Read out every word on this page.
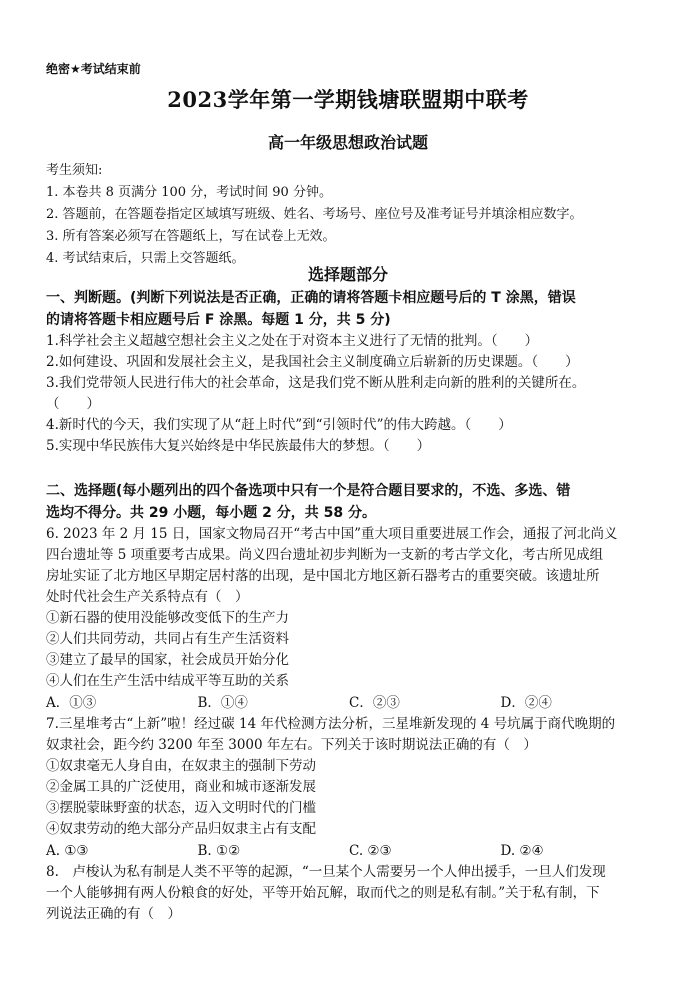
绝密★考试结束前
2023学年第一学期钱塘联盟期中联考
高一年级思想政治试题
考生须知:
1. 本卷共 8 页满分 100 分，考试时间 90 分钟。
2. 答题前，在答题卷指定区域填写班级、姓名、考场号、座位号及准考证号并填涂相应数字。
3. 所有答案必须写在答题纸上，写在试卷上无效。
4. 考试结束后，只需上交答题纸。
选择题部分
一、判断题。(判断下列说法是否正确，正确的请将答题卡相应题号后的 T 涂黑，错误
的请将答题卡相应题号后 F 涂黑。每题 1 分，共 5 分)
1.科学社会主义超越空想社会主义之处在于对资本主义进行了无情的批判。（　　）
2.如何建设、巩固和发展社会主义，是我国社会主义制度确立后崭新的历史课题。（　　）
3.我们党带领人民进行伟大的社会革命，这是我们党不断从胜利走向新的胜利的关键所在。
（　　）
4.新时代的今天，我们实现了从“赶上时代”到“引领时代”的伟大跨越。（　　）
5.实现中华民族伟大复兴始终是中华民族最伟大的梦想。（　　）
二、选择题(每小题列出的四个备选项中只有一个是符合题目要求的，不选、多选、错
选均不得分。共 29 小题，每小题 2 分，共 58 分。
6. 2023 年 2 月 15 日，国家文物局召开“考古中国”重大项目重要进展工作会，通报了河北尚义
四台遗址等 5 项重要考古成果。尚义四台遗址初步判断为一支新的考古学文化，考古所见成组
房址实证了北方地区早期定居村落的出现，是中国北方地区新石器考古的重要突破。该遗址所
处时代社会生产关系特点有（　）
①新石器的使用没能够改变低下的生产力
②人们共同劳动，共同占有生产生活资料
③建立了最早的国家，社会成员开始分化
④人们在生产生活中结成平等互助的关系
A．①③	B．①④	C．②③	D．②④
7.三星堆考古“上新”啦！经过碳 14 年代检测方法分析，三星堆新发现的 4 号坑属于商代晚期的
奴隶社会，距今约 3200 年至 3000 年左右。下列关于该时期说法正确的有（　）
①奴隶毫无人身自由，在奴隶主的强制下劳动
②金属工具的广泛使用，商业和城市逐渐发展
③摆脱蒙昧野蛮的状态，迈入文明时代的门槛
④奴隶劳动的绝大部分产品归奴隶主占有支配
A. ①③	B. ①②	C. ②③	D. ②④
8.　卢梭认为私有制是人类不平等的起源，“一旦某个人需要另一个人伸出援手，一旦人们发现
一个人能够拥有两人份粮食的好处，平等开始瓦解，取而代之的则是私有制。”关于私有制，下
列说法正确的有（　）
